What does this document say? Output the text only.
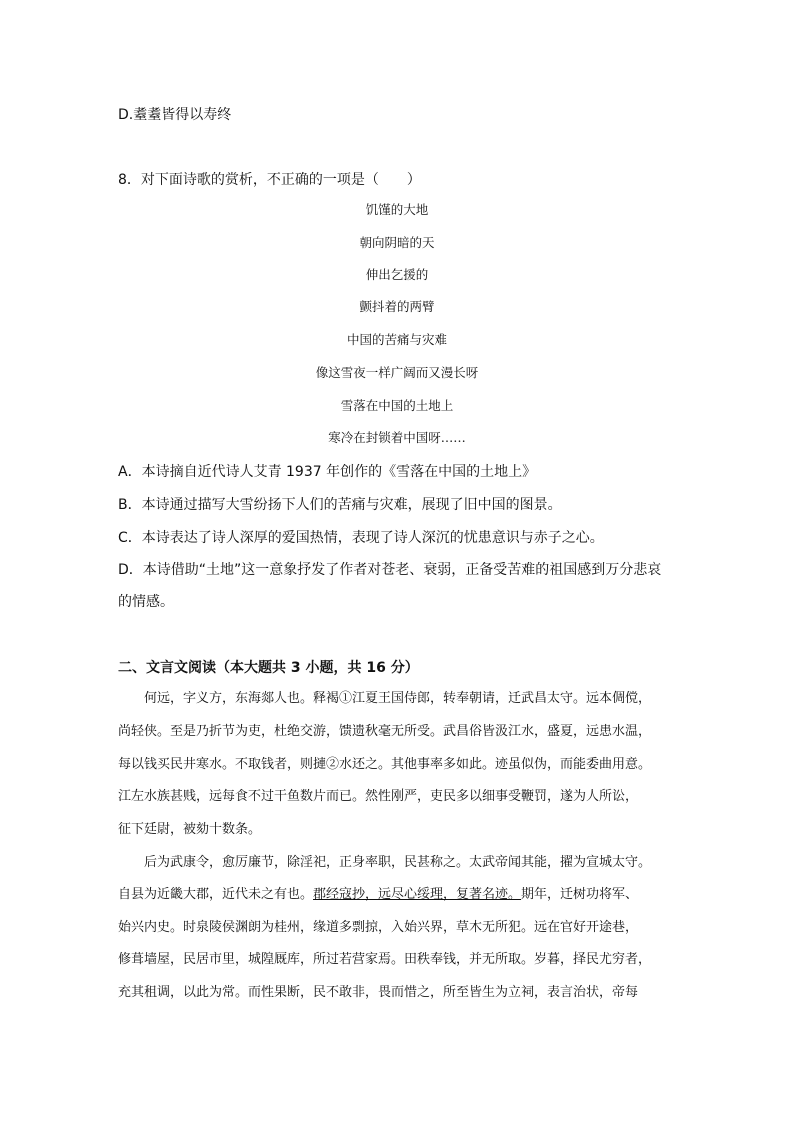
D.耋耋皆得以寿终
8．对下面诗歌的赏析，不正确的一项是（　　）
饥馑的大地
朝向阴暗的天
伸出乞援的
颤抖着的两臂
中国的苦痛与灾难
像这雪夜一样广阔而又漫长呀
雪落在中国的土地上
寒冷在封锁着中国呀……
A．本诗摘自近代诗人艾青 1937 年创作的《雪落在中国的土地上》
B．本诗通过描写大雪纷扬下人们的苦痛与灾难，展现了旧中国的图景。
C．本诗表达了诗人深厚的爱国热情，表现了诗人深沉的忧患意识与赤子之心。
D．本诗借助“土地”这一意象抒发了作者对苍老、衰弱，正备受苦难的祖国感到万分悲哀
的情感。
二、文言文阅读（本大题共 3 小题，共 16 分）
　　何远，字义方，东海郯人也。释褐①江夏王国侍郎，转奉朝请，迁武昌太守。远本倜傥，
尚轻侠。至是乃折节为吏，杜绝交游，馈遗秋毫无所受。武昌俗皆汲江水，盛夏，远患水温，
每以钱买民井寒水。不取钱者，则摙②水还之。其他事率多如此。迹虽似伪，而能委曲用意。
江左水族甚贱，远每食不过干鱼数片而已。然性刚严，吏民多以细事受鞭罚，遂为人所讼，
征下廷尉，被劾十数条。
　　后为武康令，愈厉廉节，除淫祀，正身率职，民甚称之。太武帝闻其能，擢为宣城太守。
自县为近畿大郡，近代未之有也。郡经寇抄，远尽心绥理，复著名迹。期年，迁树功将军、
始兴内史。时泉陵侯渊朗为桂州，缘道多剽掠，入始兴界，草木无所犯。远在官好开途巷，
修葺墙屋，民居市里，城隍厩库，所过若营家焉。田秩奉钱，并无所取。岁暮，择民尤穷者，
充其租调，以此为常。而性果断，民不敢非，畏而惜之，所至皆生为立祠，表言治状，帝每
